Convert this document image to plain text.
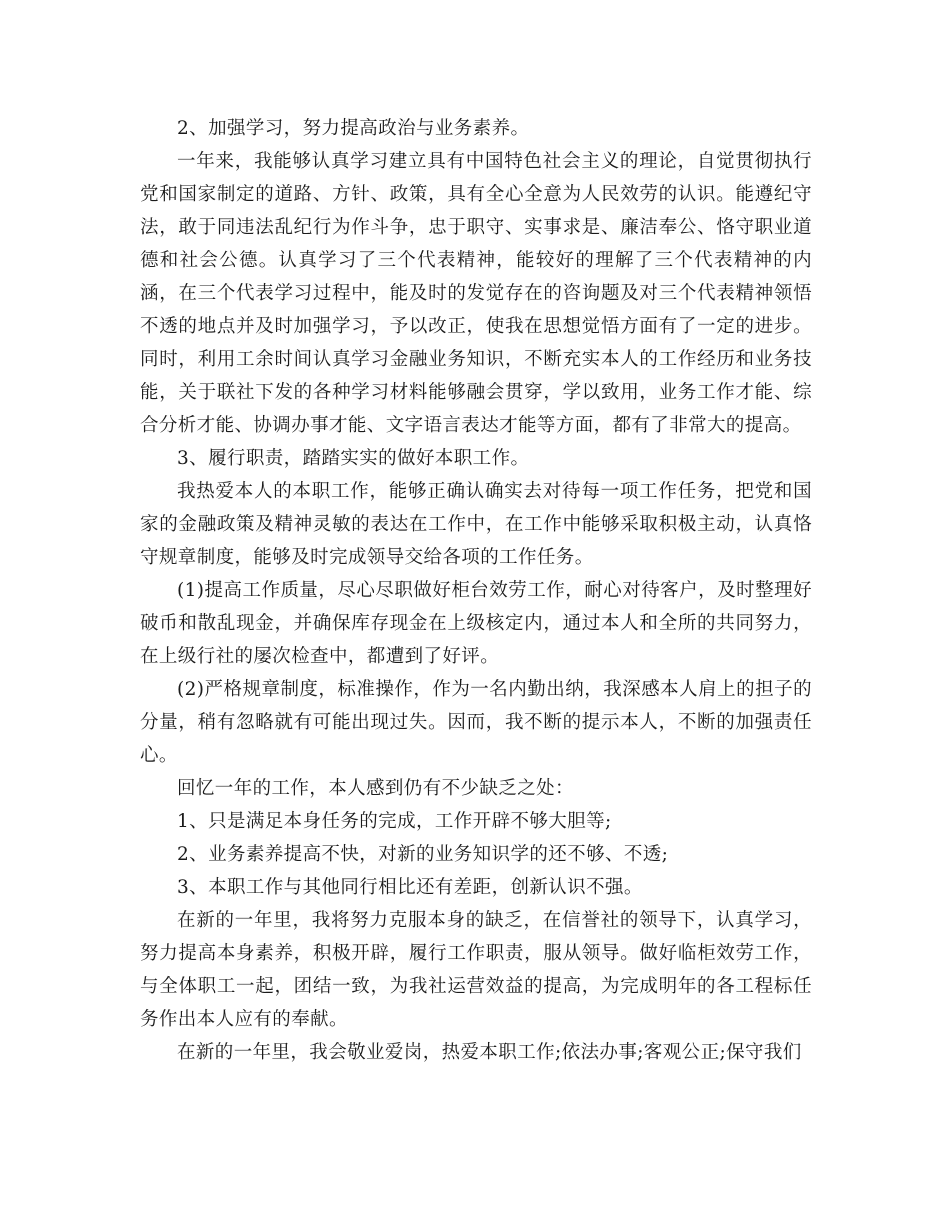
2、加强学习，努力提高政治与业务素养。

一年来，我能够认真学习建立具有中国特色社会主义的理论，自觉贯彻执行党和国家制定的道路、方针、政策，具有全心全意为人民效劳的认识。能遵纪守法，敢于同违法乱纪行为作斗争，忠于职守、实事求是、廉洁奉公、恪守职业道德和社会公德。认真学习了三个代表精神，能较好的理解了三个代表精神的内涵，在三个代表学习过程中，能及时的发觉存在的咨询题及对三个代表精神领悟不透的地点并及时加强学习，予以改正，使我在思想觉悟方面有了一定的进步。同时，利用工余时间认真学习金融业务知识，不断充实本人的工作经历和业务技能，关于联社下发的各种学习材料能够融会贯穿，学以致用，业务工作才能、综合分析才能、协调办事才能、文字语言表达才能等方面，都有了非常大的提高。

3、履行职责，踏踏实实的做好本职工作。

我热爱本人的本职工作，能够正确认确实去对待每一项工作任务，把党和国家的金融政策及精神灵敏的表达在工作中，在工作中能够采取积极主动，认真恪守规章制度，能够及时完成领导交给各项的工作任务。

(1)提高工作质量，尽心尽职做好柜台效劳工作，耐心对待客户，及时整理好破币和散乱现金，并确保库存现金在上级核定内，通过本人和全所的共同努力，在上级行社的屡次检查中，都遭到了好评。

(2)严格规章制度，标准操作，作为一名内勤出纳，我深感本人肩上的担子的分量，稍有忽略就有可能出现过失。因而，我不断的提示本人，不断的加强责任心。

回忆一年的工作，本人感到仍有不少缺乏之处：

1、只是满足本身任务的完成，工作开辟不够大胆等;

2、业务素养提高不快，对新的业务知识学的还不够、不透;

3、本职工作与其他同行相比还有差距，创新认识不强。

在新的一年里，我将努力克服本身的缺乏，在信誉社的领导下，认真学习，努力提高本身素养，积极开辟，履行工作职责，服从领导。做好临柜效劳工作，与全体职工一起，团结一致，为我社运营效益的提高，为完成明年的各工程标任务作出本人应有的奉献。

在新的一年里，我会敬业爱岗，热爱本职工作;依法办事;客观公正;保守我们
